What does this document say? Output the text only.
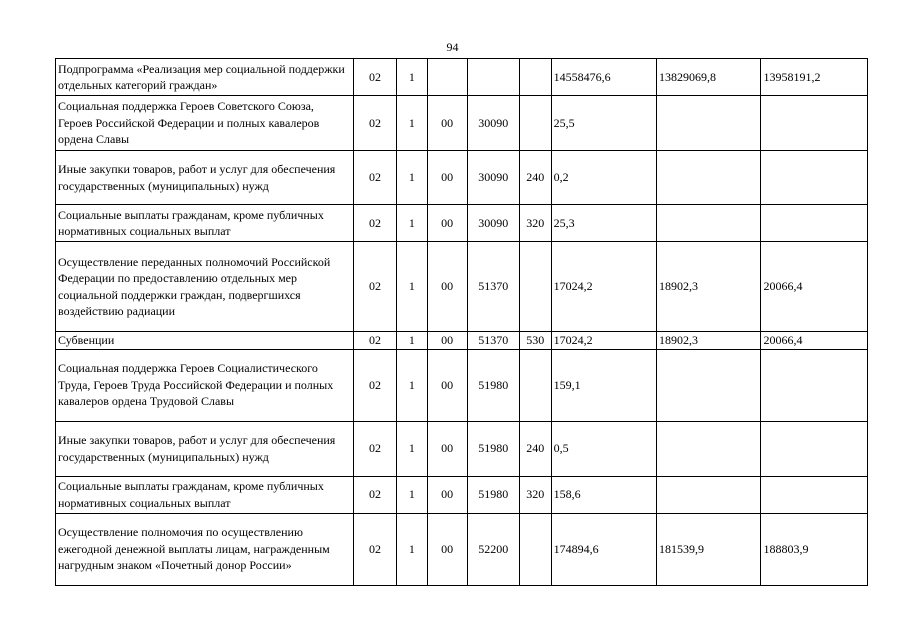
94
Подпрограмма «Реализация мер социальной поддержки отдельных категорий граждан»	02	1				14558476,6	13829069,8	13958191,2
Социальная поддержка Героев Советского Союза, Героев Российской Федерации и полных кавалеров ордена Славы	02	1	00	30090		25,5		
Иные закупки товаров, работ и услуг для обеспечения государственных (муниципальных) нужд	02	1	00	30090	240	0,2		
Социальные выплаты гражданам, кроме публичных нормативных социальных выплат	02	1	00	30090	320	25,3		
Осуществление переданных полномочий Российской Федерации по предоставлению отдельных мер социальной поддержки граждан, подвергшихся воздействию радиации	02	1	00	51370		17024,2	18902,3	20066,4
Субвенции	02	1	00	51370	530	17024,2	18902,3	20066,4
Социальная поддержка Героев Социалистического Труда, Героев Труда Российской Федерации и полных кавалеров ордена Трудовой Славы	02	1	00	51980		159,1		
Иные закупки товаров, работ и услуг для обеспечения государственных (муниципальных) нужд	02	1	00	51980	240	0,5		
Социальные выплаты гражданам, кроме публичных нормативных социальных выплат	02	1	00	51980	320	158,6		
Осуществление полномочия по осуществлению ежегодной денежной выплаты лицам, награжденным нагрудным знаком «Почетный донор России»	02	1	00	52200		174894,6	181539,9	188803,9
